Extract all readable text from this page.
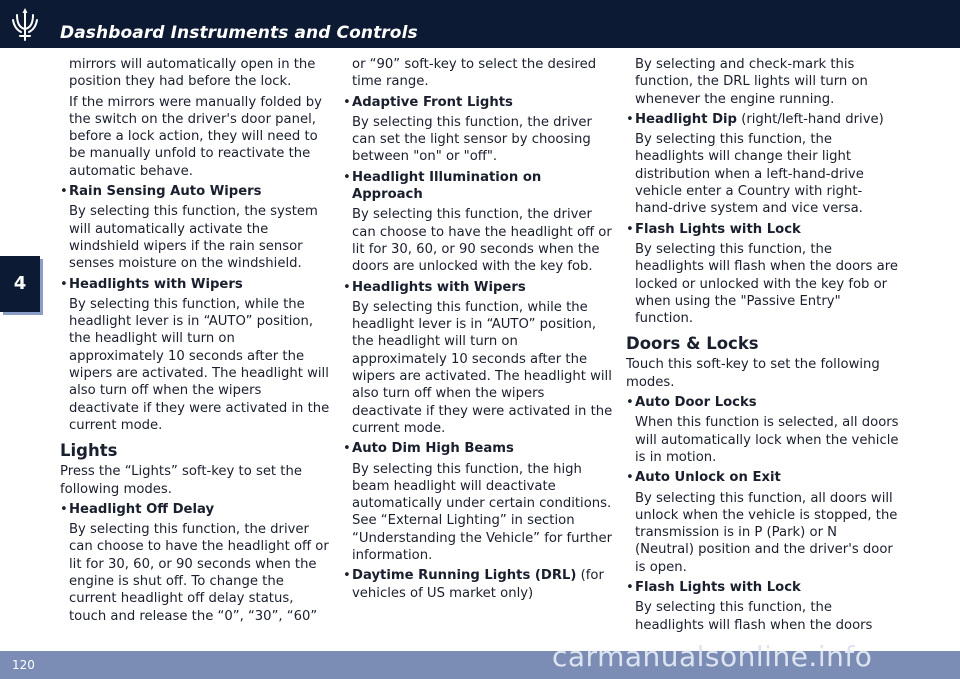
Dashboard Instruments and Controls
4

mirrors will automatically open in the position they had before the lock.

If the mirrors were manually folded by the switch on the driver's door panel, before a lock action, they will need to be manually unfold to reactivate the automatic behave.

• Rain Sensing Auto Wipers

By selecting this function, the system will automatically activate the windshield wipers if the rain sensor senses moisture on the windshield.

• Headlights with Wipers

By selecting this function, while the headlight lever is in “AUTO” position, the headlight will turn on approximately 10 seconds after the wipers are activated. The headlight will also turn off when the wipers deactivate if they were activated in the current mode.

Lights

Press the “Lights” soft-key to set the following modes.

• Headlight Off Delay

By selecting this function, the driver can choose to have the headlight off or lit for 30, 60, or 90 seconds when the engine is shut off. To change the current headlight off delay status, touch and release the “0”, “30”, “60”

or “90” soft-key to select the desired time range.

• Adaptive Front Lights

By selecting this function, the driver can set the light sensor by choosing between "on" or "off".

• Headlight Illumination on Approach

By selecting this function, the driver can choose to have the headlight off or lit for 30, 60, or 90 seconds when the doors are unlocked with the key fob.

• Headlights with Wipers

By selecting this function, while the headlight lever is in “AUTO” position, the headlight will turn on approximately 10 seconds after the wipers are activated. The headlight will also turn off when the wipers deactivate if they were activated in the current mode.

• Auto Dim High Beams

By selecting this function, the high beam headlight will deactivate automatically under certain conditions. See “External Lighting” in section “Understanding the Vehicle” for further information.

• Daytime Running Lights (DRL) (for vehicles of US market only)

By selecting and check-mark this function, the DRL lights will turn on whenever the engine running.

• Headlight Dip (right/left-hand drive)

By selecting this function, the headlights will change their light distribution when a left-hand-drive vehicle enter a Country with right-hand-drive system and vice versa.

• Flash Lights with Lock

By selecting this function, the headlights will flash when the doors are locked or unlocked with the key fob or when using the "Passive Entry" function.

Doors & Locks

Touch this soft-key to set the following modes.

• Auto Door Locks

When this function is selected, all doors will automatically lock when the vehicle is in motion.

• Auto Unlock on Exit

By selecting this function, all doors will unlock when the vehicle is stopped, the transmission is in P (Park) or N (Neutral) position and the driver's door is open.

• Flash Lights with Lock

By selecting this function, the headlights will flash when the doors

120	carmanualsonline.info
